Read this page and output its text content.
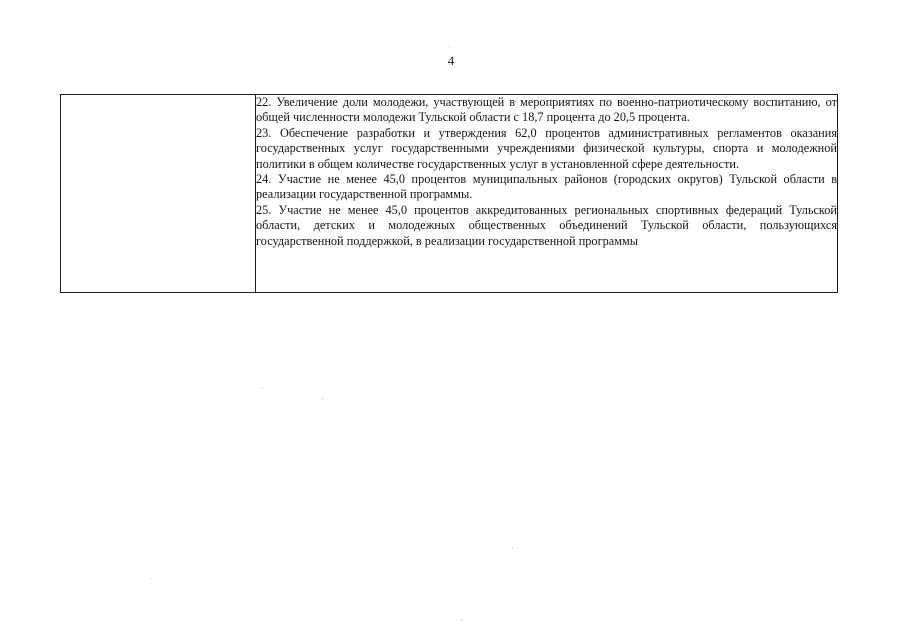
4

22. Увеличение доли молодежи, участвующей в мероприятиях по военно-патриотическому воспитанию, от общей численности молодежи Тульской области с 18,7 процента до 20,5 процента.

23. Обеспечение разработки и утверждения 62,0 процентов административных регламентов оказания государственных услуг государственными учреждениями физической культуры, спорта и молодежной политики в общем количестве государственных услуг в установленной сфере деятельности.

24. Участие не менее 45,0 процентов муниципальных районов (городских округов) Тульской области в реализации государственной программы.

25. Участие не менее 45,0 процентов аккредитованных региональных спортивных федераций Тульской области, детских и молодежных общественных объединений Тульской области, пользующихся государственной поддержкой, в реализации государственной программы
